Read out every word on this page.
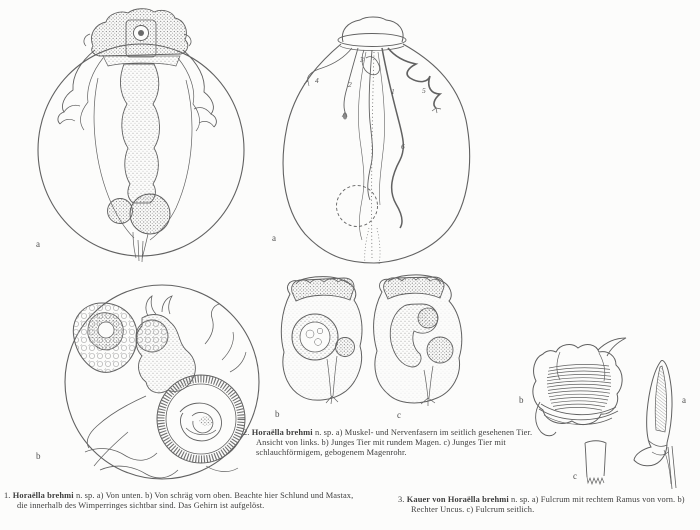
a
a
b
b	c
b
c
a
4	2
3
1	5
6
1. Horaëlla brehmi n. sp. a) Von unten. b) Von schräg vorn oben. Beachte hier Schlund und Mastax, die innerhalb des Wimperringes sichtbar sind. Das Gehirn ist aufgelöst.
2. Horaëlla brehmi n. sp. a) Muskel- und Nervenfasern im seitlich gesehenen Tier. Ansicht von links. b) Junges Tier mit rundem Magen. c) Junges Tier mit schlauchförmigem, gebogenem Magenrohr.
3. Kauer von Horaëlla brehmi n. sp. a) Fulcrum mit rechtem Ramus von vorn. b) Rechter Uncus. c) Fulcrum seitlich.
